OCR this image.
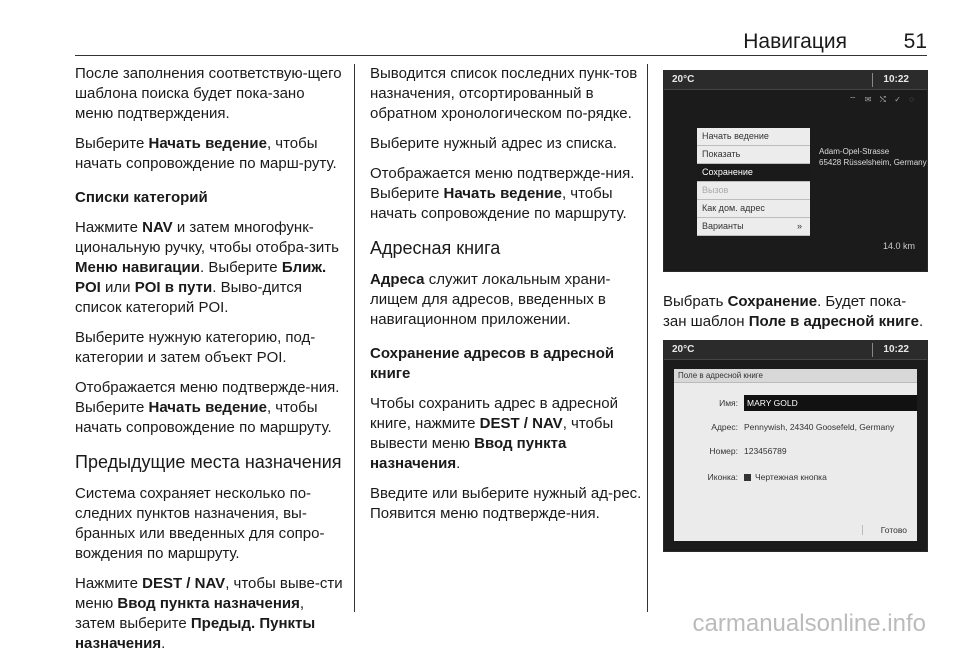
Навигация	51

После заполнения соответствую-щего шаблона поиска будет пока-зано меню подтверждения.

Выберите Начать ведение, чтобы начать сопровождение по марш-руту.

Списки категорий

Нажмите NAV и затем многофунк-циональную ручку, чтобы отобра-зить Меню навигации. Выберите Ближ. POI или POI в пути. Выво-дится список категорий POI.

Выберите нужную категорию, под-категории и затем объект POI.

Отображается меню подтвержде-ния. Выберите Начать ведение, чтобы начать сопровождение по маршруту.

Предыдущие места назначения

Система сохраняет несколько по-следних пунктов назначения, вы-бранных или введенных для сопро-вождения по маршруту.

Нажмите DEST / NAV, чтобы выве-сти меню Ввод пункта назначения, затем выберите Предыд. Пункты назначения.

Выводится список последних пунк-тов назначения, отсортированный в обратном хронологическом по-рядке.

Выберите нужный адрес из списка.

Отображается меню подтвержде-ния. Выберите Начать ведение, чтобы начать сопровождение по маршруту.

Адресная книга

Адреса служит локальным храни-лищем для адресов, введенных в навигационном приложении.

Сохранение адресов в адресной книге

Чтобы сохранить адрес в адресной книге, нажмите DEST / NAV, чтобы вывести меню Ввод пункта назначения.

Введите или выберите нужный ад-рес. Появится меню подтвержде-ния.

20°C	10:22
⌔ ✉ ⤭ ✓ ◌
Начать ведение
Показать
Сохранение
Вызов
Как дом. адрес
Варианты	»
Adam-Opel-Strasse
65428 Rüsselsheim, Germany
14.0 km

Выбрать Сохранение. Будет пока-зан шаблон Поле в адресной книге.

20°C	10:22
Поле в адресной книге
Имя:	MARY GOLD
Адрес: Pennywish, 24340 Goosefeld, Germany
Номер: 123456789
Иконка:	Чертежная кнопка
Готово
carmanualsonline.info
